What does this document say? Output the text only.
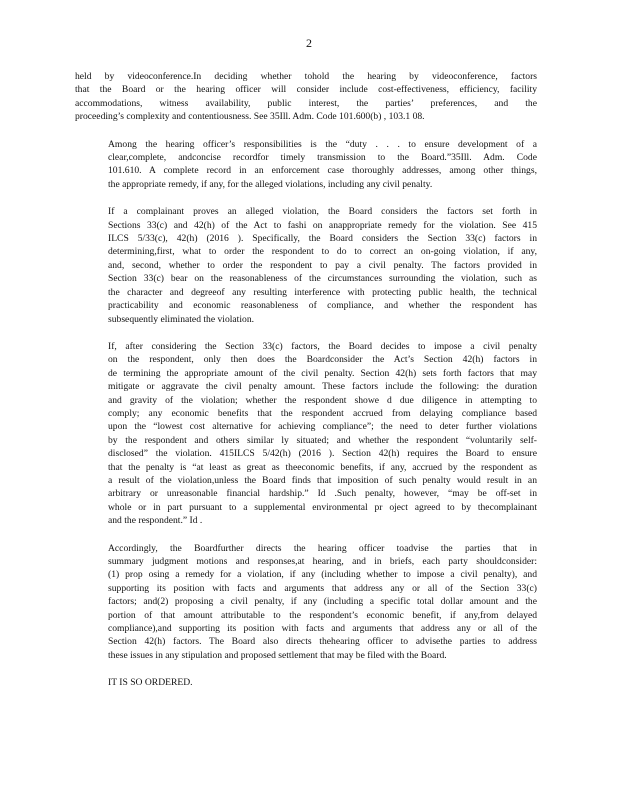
2
held by videoconference.In deciding whether tohold the hearing by videoconference, factors
that the Board or the hearing officer will consider include cost-effectiveness, efficiency, facility
accommodations, witness availability, public interest, the parties’ preferences, and the
proceeding’s complexity and contentiousness. See 35Ill. Adm. Code 101.600(b) , 103.1 08.
Among the hearing officer’s responsibilities is the “duty . . . to ensure development of a
clear,complete, andconcise recordfor timely transmission to the Board.”35Ill. Adm. Code
101.610. A complete record in an enforcement case thoroughly addresses, among other things,
the appropriate remedy, if any, for the alleged violations, including any civil penalty.
If a complainant proves an alleged violation, the Board considers the factors set forth in
Sections 33(c) and 42(h) of the Act to fashi on anappropriate remedy for the violation. See 415
ILCS 5/33(c), 42(h) (2016 ). Specifically, the Board considers the Section 33(c) factors in
determining,first, what to order the respondent to do to correct an on-going violation, if any,
and, second, whether to order the respondent to pay a civil penalty. The factors provided in
Section 33(c) bear on the reasonableness of the circumstances surrounding the violation, such as
the character and degreeof any resulting interference with protecting public health, the technical
practicability and economic reasonableness of compliance, and whether the respondent has
subsequently eliminated the violation.
If, after considering the Section 33(c) factors, the Board decides to impose a civil penalty
on the respondent, only then does the Boardconsider the Act’s Section 42(h) factors in
de termining the appropriate amount of the civil penalty. Section 42(h) sets forth factors that may
mitigate or aggravate the civil penalty amount. These factors include the following: the duration
and gravity of the violation; whether the respondent showe d due diligence in attempting to
comply; any economic benefits that the respondent accrued from delaying compliance based
upon the “lowest cost alternative for achieving compliance”; the need to deter further violations
by the respondent and others similar ly situated; and whether the respondent “voluntarily self-
disclosed” the violation. 415ILCS 5/42(h) (2016 ). Section 42(h) requires the Board to ensure
that the penalty is “at least as great as theeconomic benefits, if any, accrued by the respondent as
a result of the violation,unless the Board finds that imposition of such penalty would result in an
arbitrary or unreasonable financial hardship.” Id .Such penalty, however, “may be off-set in
whole or in part pursuant to a supplemental environmental pr oject agreed to by thecomplainant
and the respondent.” Id .
Accordingly, the Boardfurther directs the hearing officer toadvise the parties that in
summary judgment motions and responses,at hearing, and in briefs, each party shouldconsider:
(1) prop osing a remedy for a violation, if any (including whether to impose a civil penalty), and
supporting its position with facts and arguments that address any or all of the Section 33(c)
factors; and(2) proposing a civil penalty, if any (including a specific total dollar amount and the
portion of that amount attributable to the respondent’s economic benefit, if any,from delayed
compliance),and supporting its position with facts and arguments that address any or all of the
Section 42(h) factors. The Board also directs thehearing officer to advisethe parties to address
these issues in any stipulation and proposed settlement that may be filed with the Board.
IT IS SO ORDERED.
